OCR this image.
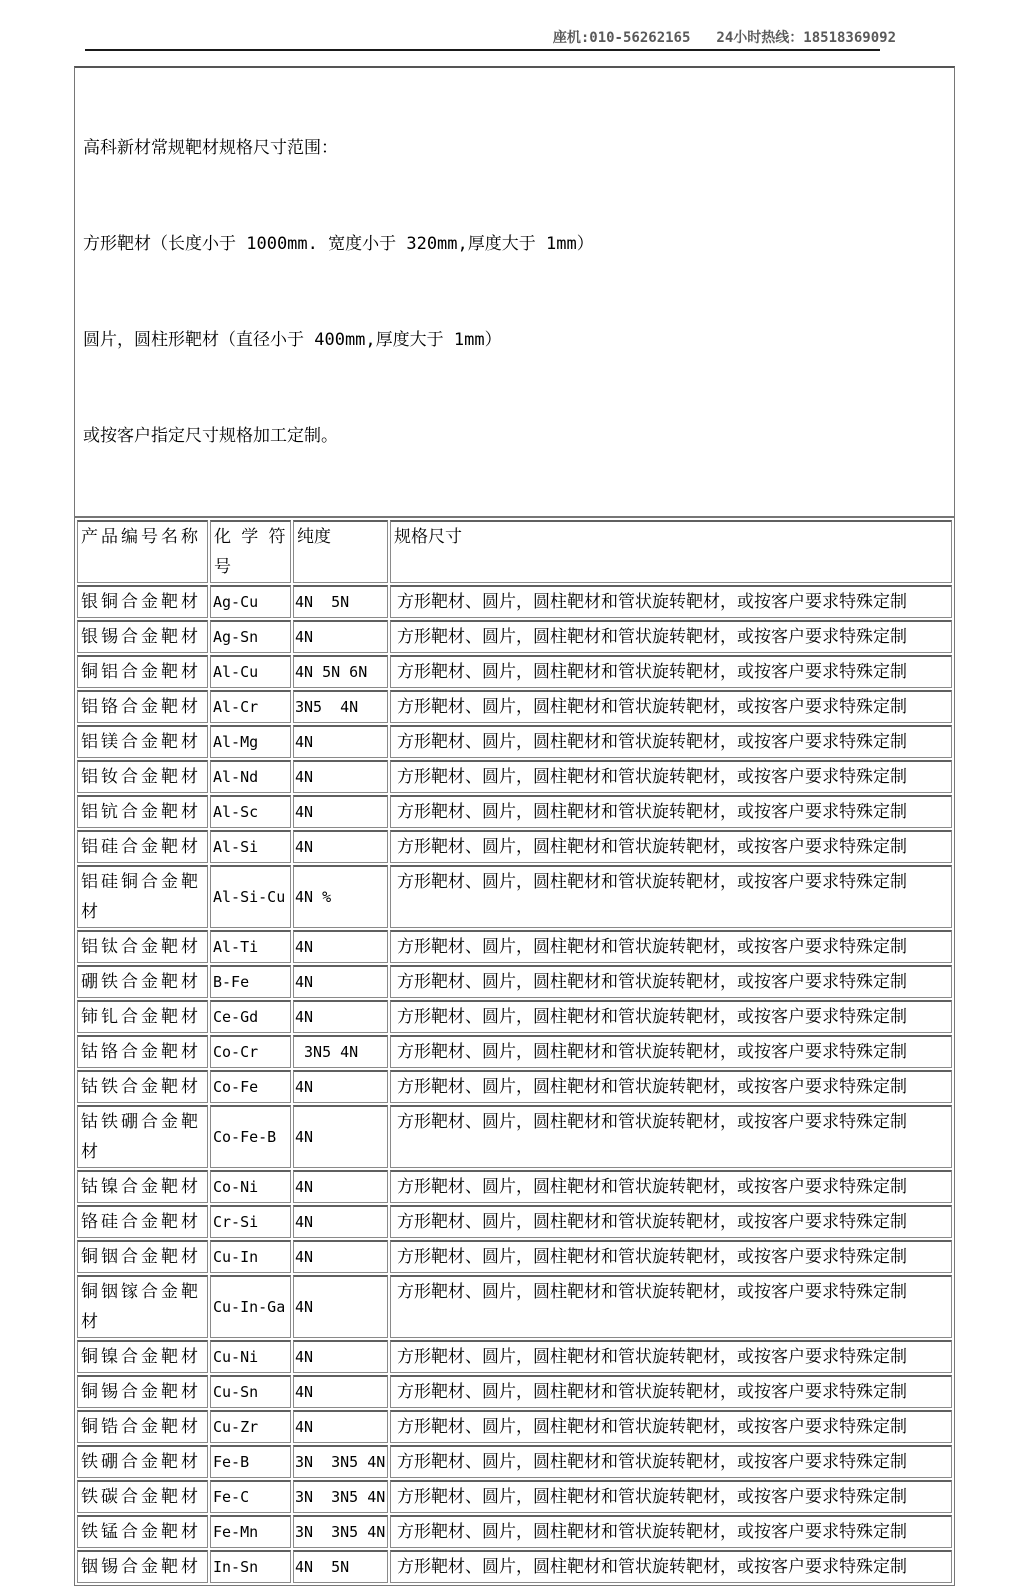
座机:010-56262165 24小时热线：18518369092

高科新材常规靶材规格尺寸范围：

方形靶材（长度小于 1000mm. 宽度小于 320mm,厚度大于 1mm）

圆片，圆柱形靶材（直径小于 400mm,厚度大于 1mm）

或按客户指定尺寸规格加工定制。

产品编号名称	化 学 符号	纯度	规格尺寸
银铜合金靶材	Ag-Cu	4N  5N	方形靶材、圆片，圆柱靶材和管状旋转靶材，或按客户要求特殊定制
银锡合金靶材	Ag-Sn	4N	方形靶材、圆片，圆柱靶材和管状旋转靶材，或按客户要求特殊定制
铜铝合金靶材	Al-Cu	4N 5N 6N	方形靶材、圆片，圆柱靶材和管状旋转靶材，或按客户要求特殊定制
铝铬合金靶材	Al-Cr	3N5  4N	方形靶材、圆片，圆柱靶材和管状旋转靶材，或按客户要求特殊定制
铝镁合金靶材	Al-Mg	4N	方形靶材、圆片，圆柱靶材和管状旋转靶材，或按客户要求特殊定制
铝钕合金靶材	Al-Nd	4N	方形靶材、圆片，圆柱靶材和管状旋转靶材，或按客户要求特殊定制
铝钪合金靶材	Al-Sc	4N	方形靶材、圆片，圆柱靶材和管状旋转靶材，或按客户要求特殊定制
铝硅合金靶材	Al-Si	4N	方形靶材、圆片，圆柱靶材和管状旋转靶材，或按客户要求特殊定制
铝硅铜合金靶材	Al-Si-Cu	4N %	方形靶材、圆片，圆柱靶材和管状旋转靶材，或按客户要求特殊定制
铝钛合金靶材	Al-Ti	4N	方形靶材、圆片，圆柱靶材和管状旋转靶材，或按客户要求特殊定制
硼铁合金靶材	B-Fe	4N	方形靶材、圆片，圆柱靶材和管状旋转靶材，或按客户要求特殊定制
铈钆合金靶材	Ce-Gd	4N	方形靶材、圆片，圆柱靶材和管状旋转靶材，或按客户要求特殊定制
钴铬合金靶材	Co-Cr	3N5 4N	方形靶材、圆片，圆柱靶材和管状旋转靶材，或按客户要求特殊定制
钴铁合金靶材	Co-Fe	4N	方形靶材、圆片，圆柱靶材和管状旋转靶材，或按客户要求特殊定制
钴铁硼合金靶材	Co-Fe-B	4N	方形靶材、圆片，圆柱靶材和管状旋转靶材，或按客户要求特殊定制
钴镍合金靶材	Co-Ni	4N	方形靶材、圆片，圆柱靶材和管状旋转靶材，或按客户要求特殊定制
铬硅合金靶材	Cr-Si	4N	方形靶材、圆片，圆柱靶材和管状旋转靶材，或按客户要求特殊定制
铜铟合金靶材	Cu-In	4N	方形靶材、圆片，圆柱靶材和管状旋转靶材，或按客户要求特殊定制
铜铟镓合金靶材	Cu-In-Ga	4N	方形靶材、圆片，圆柱靶材和管状旋转靶材，或按客户要求特殊定制
铜镍合金靶材	Cu-Ni	4N	方形靶材、圆片，圆柱靶材和管状旋转靶材，或按客户要求特殊定制
铜锡合金靶材	Cu-Sn	4N	方形靶材、圆片，圆柱靶材和管状旋转靶材，或按客户要求特殊定制
铜锆合金靶材	Cu-Zr	4N	方形靶材、圆片，圆柱靶材和管状旋转靶材，或按客户要求特殊定制
铁硼合金靶材	Fe-B	3N  3N5 4N	方形靶材、圆片，圆柱靶材和管状旋转靶材，或按客户要求特殊定制
铁碳合金靶材	Fe-C	3N  3N5 4N	方形靶材、圆片，圆柱靶材和管状旋转靶材，或按客户要求特殊定制
铁锰合金靶材	Fe-Mn	3N  3N5 4N	方形靶材、圆片，圆柱靶材和管状旋转靶材，或按客户要求特殊定制
铟锡合金靶材	In-Sn	4N  5N	方形靶材、圆片，圆柱靶材和管状旋转靶材，或按客户要求特殊定制
